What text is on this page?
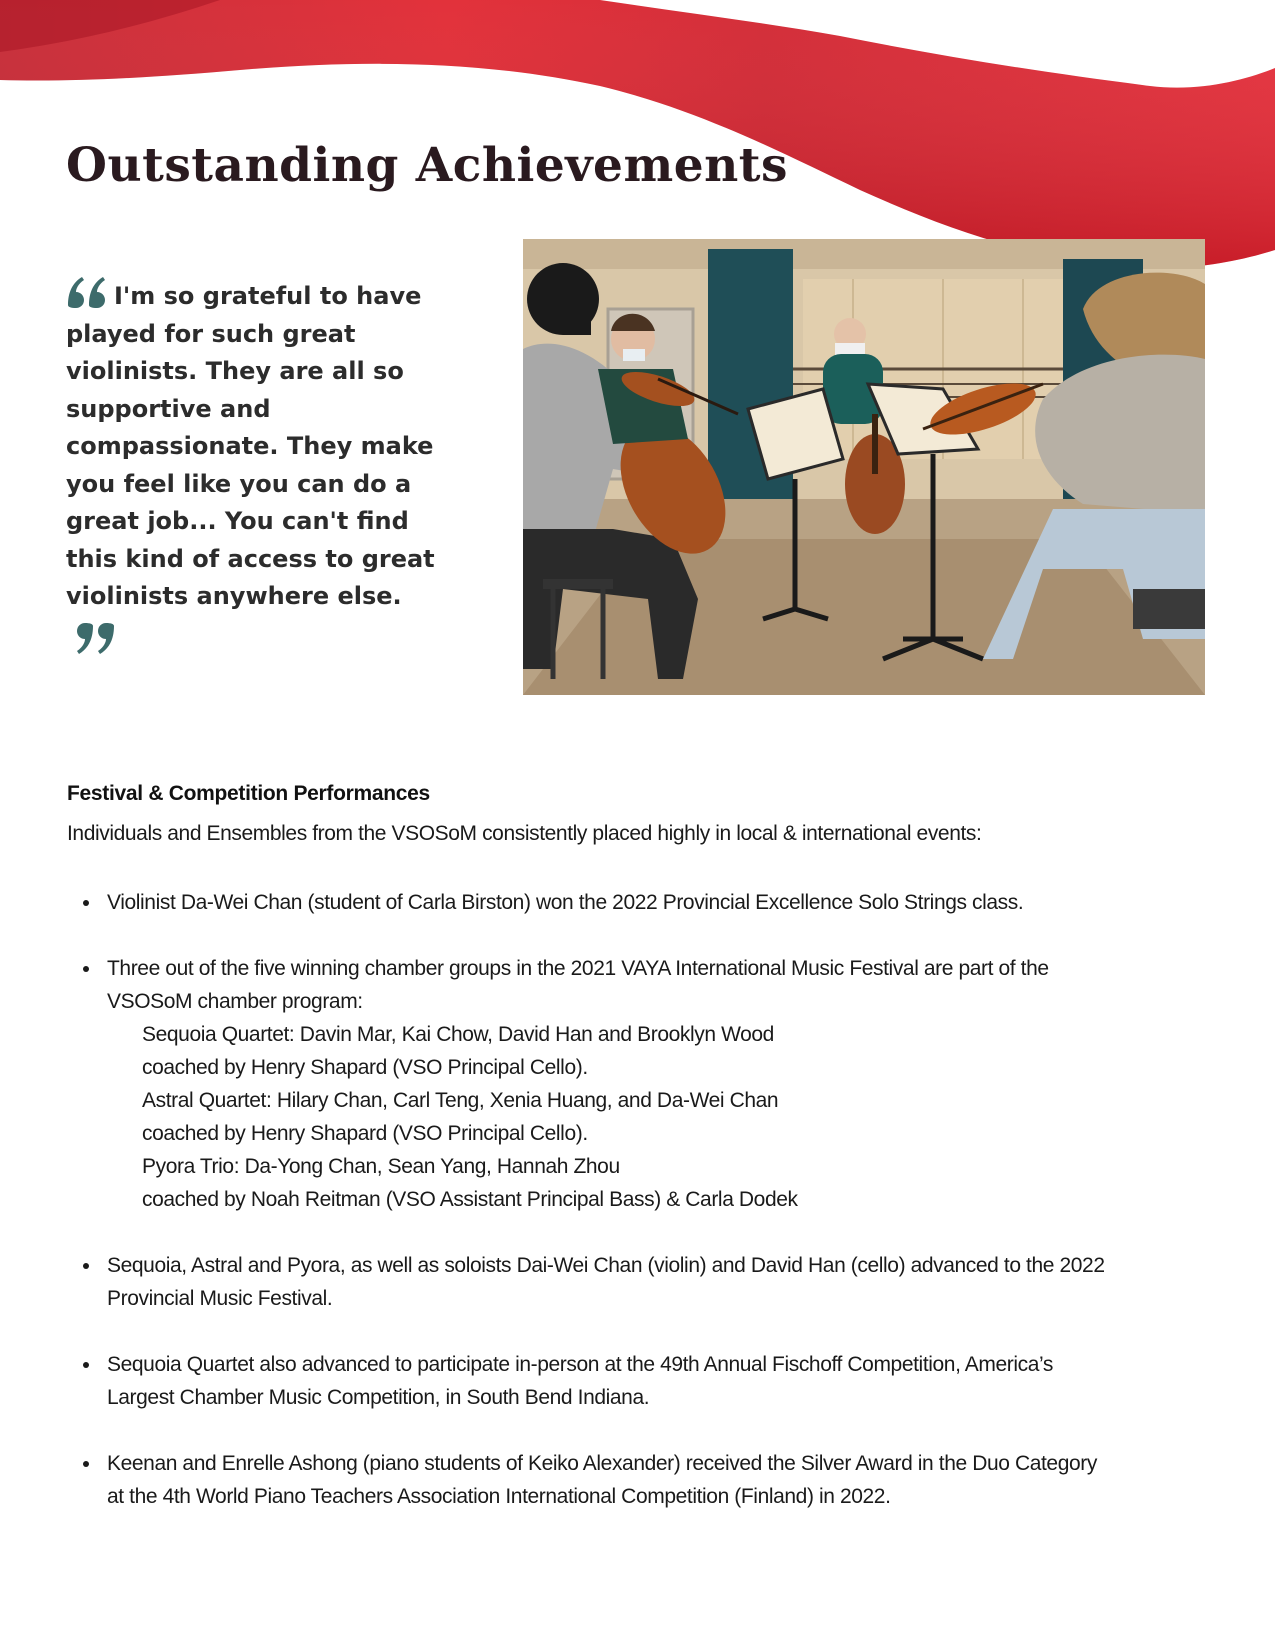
Outstanding Achievements
I'm so grateful to have played for such great violinists. They are all so supportive and compassionate. They make you feel like you can do a great job... You can't find this kind of access to great violinists anywhere else.
Festival & Competition Performances

Individuals and Ensembles from the VSOSoM consistently placed highly in local & international events:

Violinist Da-Wei Chan (student of Carla Birston) won the 2022 Provincial Excellence Solo Strings class.
Three out of the five winning chamber groups in the 2021 VAYA International Music Festival are part of the
VSOSoM chamber program:
Sequoia Quartet: Davin Mar, Kai Chow, David Han and Brooklyn Wood
coached by Henry Shapard (VSO Principal Cello).
Astral Quartet: Hilary Chan, Carl Teng, Xenia Huang, and Da-Wei Chan
coached by Henry Shapard (VSO Principal Cello).
Pyora Trio: Da-Yong Chan, Sean Yang, Hannah Zhou
coached by Noah Reitman (VSO Assistant Principal Bass) & Carla Dodek
Sequoia, Astral and Pyora, as well as soloists Dai-Wei Chan (violin) and David Han (cello) advanced to the 2022
Provincial Music Festival.
Sequoia Quartet also advanced to participate in-person at the 49th Annual Fischoff Competition, America’s
Largest Chamber Music Competition, in South Bend Indiana.
Keenan and Enrelle Ashong (piano students of Keiko Alexander) received the Silver Award in the Duo Category
at the 4th World Piano Teachers Association International Competition (Finland) in 2022.
